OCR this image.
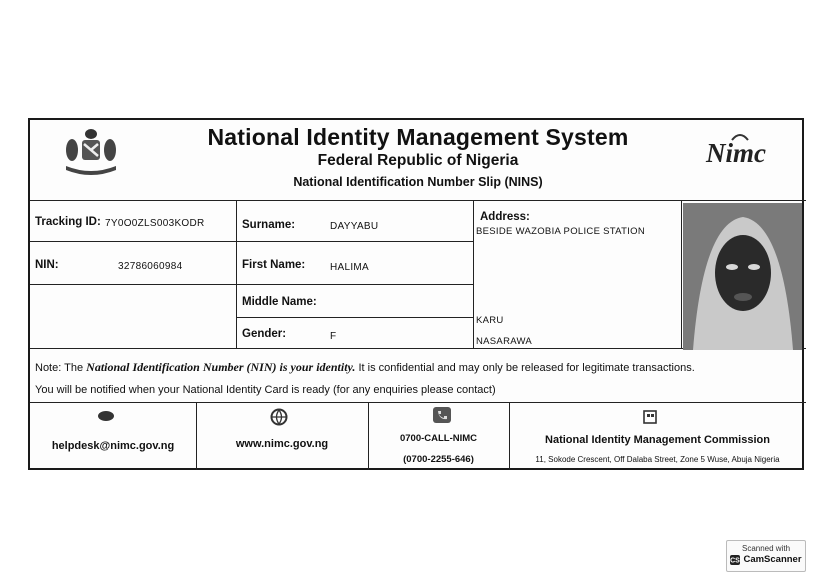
National Identity Management System
Federal Republic of Nigeria
National Identification Number Slip (NINS)
Nimc
Tracking ID: 7Y0O0ZLS003KODR
NIN:	32786060984
Surname:	DAYYABU
First Name: HALIMA
Middle Name:
Gender:	F
Address:
BESIDE WAZOBIA POLICE STATION
KARU
NASARAWA
Note: The National Identification Number (NIN) is your identity. It is confidential and may only be released for legitimate transactions.
You will be notified when your National Identity Card is ready (for any enquiries please contact)
helpdesk@nimc.gov.ng	www.nimc.gov.ng	0700-CALL-NIMC
(0700-2255-646)
National Identity Management Commission
11, Sokode Crescent, Off Dalaba Street, Zone 5 Wuse, Abuja Nigeria
Scanned with
CS CamScanner
